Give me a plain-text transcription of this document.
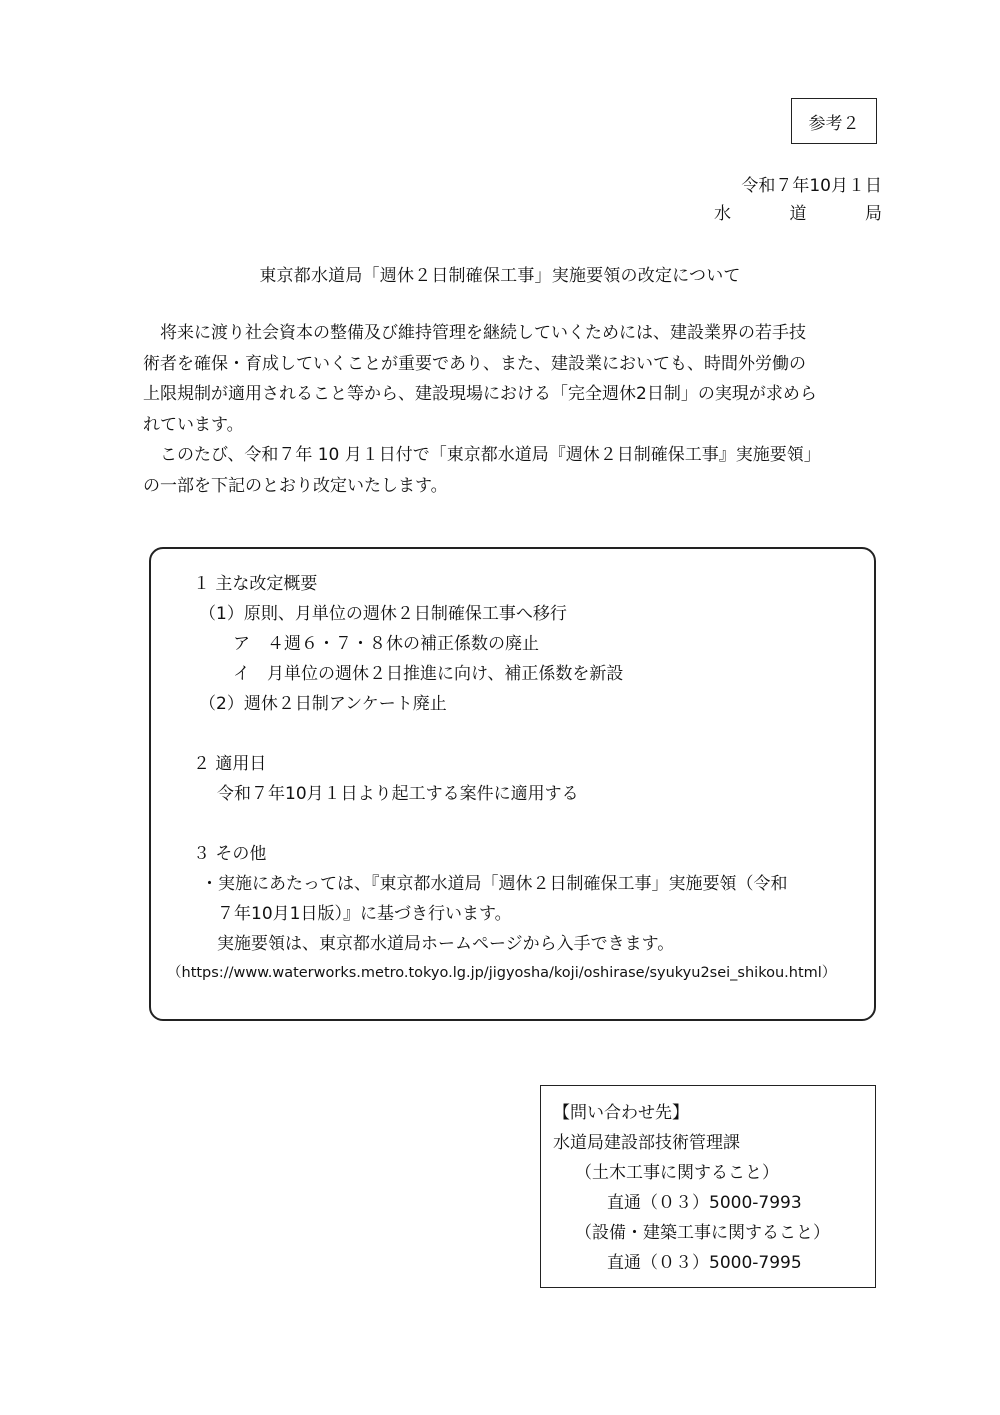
参考２
令和７年10月１日
水	道	局
東京都水道局「週休２日制確保工事」実施要領の改定について

　将来に渡り社会資本の整備及び維持管理を継続していくためには、建設業界の若手技

術者を確保・育成していくことが重要であり、また、建設業においても、時間外労働の

上限規制が適用されること等から、建設現場における「完全週休2日制」の実現が求めら

れています。

　このたび、令和７年 10 月１日付で「東京都水道局『週休２日制確保工事』実施要領」

の一部を下記のとおり改定いたします。

１ 主な改定概要
（1）原則、月単位の週休２日制確保工事へ移行
ア　４週６・７・８休の補正係数の廃止
イ　月単位の週休２日推進に向け、補正係数を新設
（2）週休２日制アンケート廃止
２ 適用日
令和７年10月１日より起工する案件に適用する
３ その他
・実施にあたっては、『東京都水道局「週休２日制確保工事」実施要領（令和
７年10月1日版）』に基づき行います。
実施要領は、東京都水道局ホームページから入手できます。
（https://www.waterworks.metro.tokyo.lg.jp/jigyosha/koji/oshirase/syukyu2sei_shikou.html）
【問い合わせ先】
水道局建設部技術管理課
（土木工事に関すること）
直通（０３）5000-7993
（設備・建築工事に関すること）
直通（０３）5000-7995
